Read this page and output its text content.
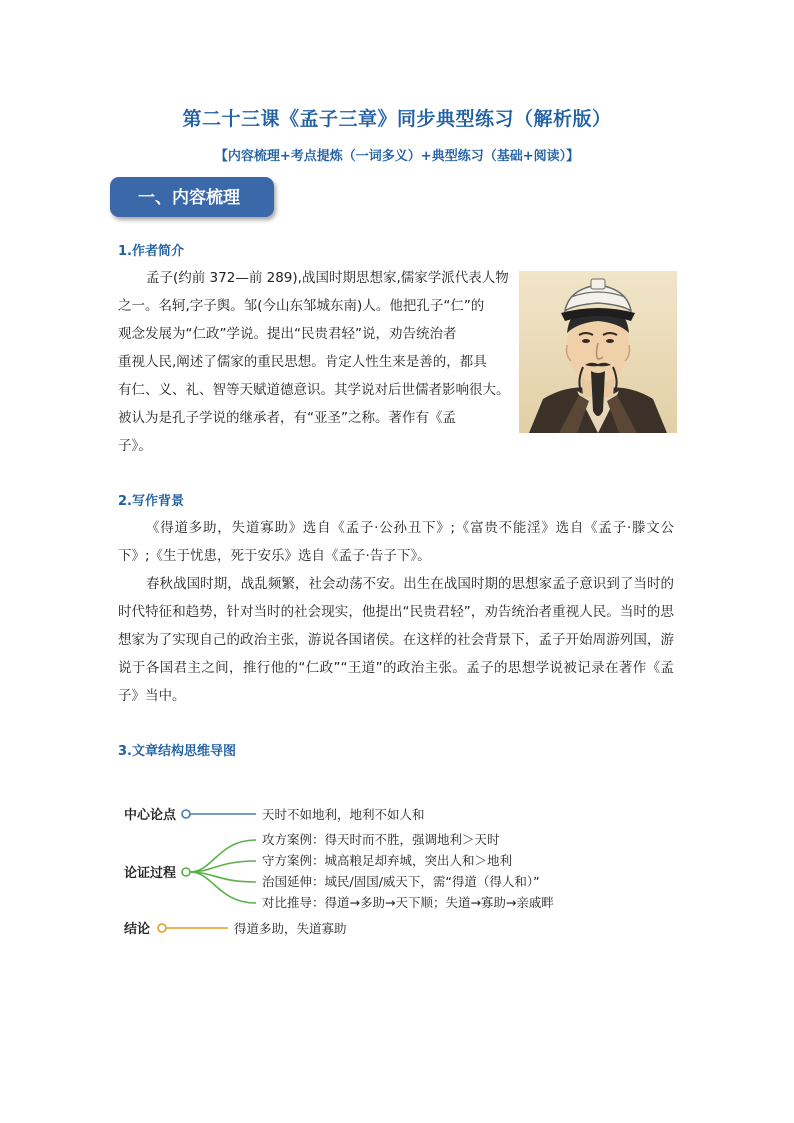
第二十三课《孟子三章》同步典型练习（解析版）
【内容梳理+考点提炼（一词多义）+典型练习（基础+阅读）】
一、内容梳理
1.作者简介

孟子(约前 372—前 289),战国时期思想家,儒家学派代表人物

之一。名轲,字子舆。邹(今山东邹城东南)人。他把孔子“仁”的

观念发展为“仁政”学说。提出“民贵君轻”说，劝告统治者

重视人民,阐述了儒家的重民思想。肯定人性生来是善的，都具

有仁、义、礼、智等天赋道德意识。其学说对后世儒者影响很大。

被认为是孔子学说的继承者，有“亚圣”之称。著作有《孟

子》。

2.写作背景

《得道多助，失道寡助》选自《孟子·公孙丑下》;《富贵不能淫》选自《孟子·滕文公下》;《生于忧患，死于安乐》选自《孟子·告子下》。

春秋战国时期，战乱频繁，社会动荡不安。出生在战国时期的思想家孟子意识到了当时的时代特征和趋势，针对当时的社会现实，他提出“民贵君轻”，劝告统治者重视人民。当时的思想家为了实现自己的政治主张，游说各国诸侯。在这样的社会背景下，孟子开始周游列国，游说于各国君主之间，推行他的“仁政”“王道”的政治主张。孟子的思想学说被记录在著作《孟子》当中。

3.文章结构思维导图
中心论点	天时不如地利，地利不如人和
论证过程
攻方案例：得天时而不胜，强调地利＞天时
守方案例：城高粮足却弃城，突出人和＞地利
治国延伸：域民/固国/威天下，需“得道（得人和）”
对比推导：得道→多助→天下顺；失道→寡助→亲戚畔
结论	得道多助，失道寡助
